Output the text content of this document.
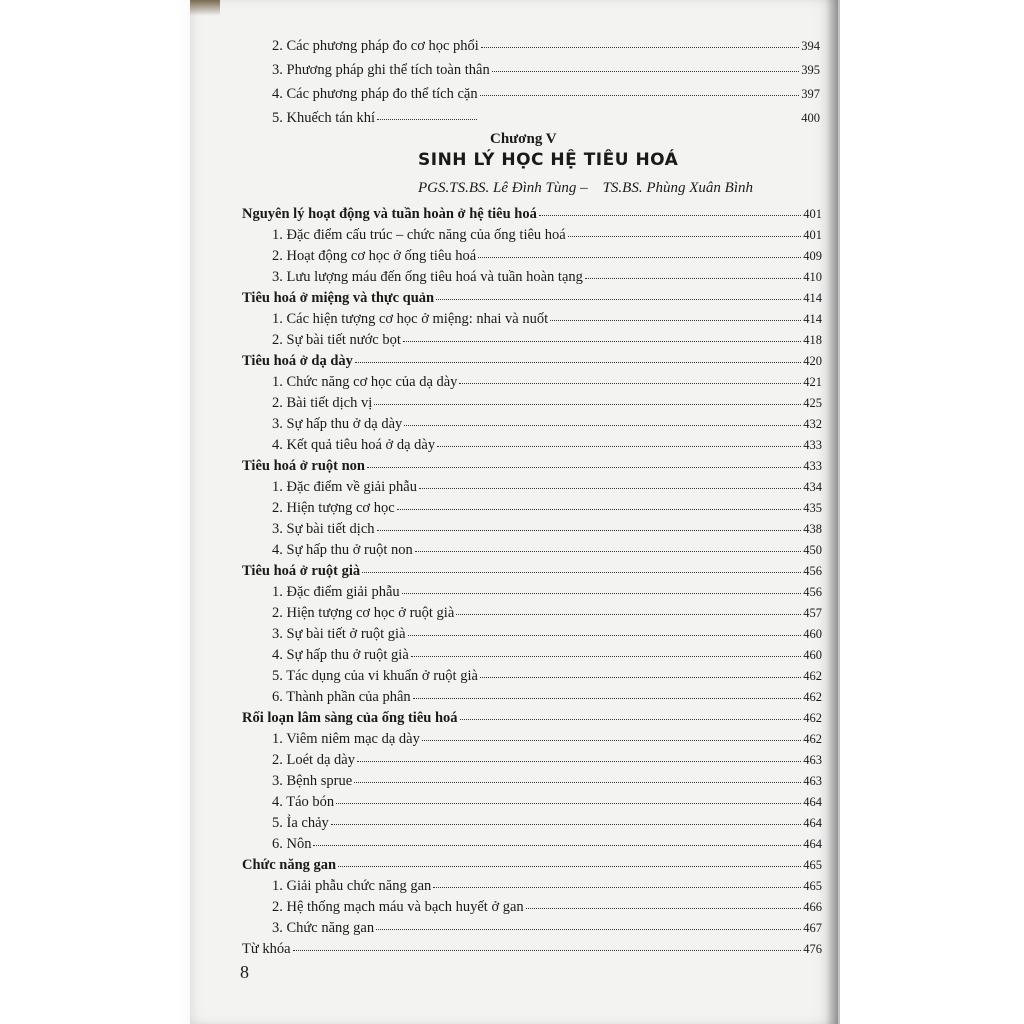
2. Các phương pháp đo cơ học phổi	394
3. Phương pháp ghi thể tích toàn thân	395
4. Các phương pháp đo thể tích cặn	397
5. Khuếch tán khí	400
Chương V
SINH LÝ HỌC HỆ TIÊU HOÁ
PGS.TS.BS. Lê Đình Tùng –    TS.BS. Phùng Xuân Bình
Nguyên lý hoạt động và tuần hoàn ở hệ tiêu hoá	401
1. Đặc điểm cấu trúc – chức năng của ống tiêu hoá	401
2. Hoạt động cơ học ở ống tiêu hoá	409
3. Lưu lượng máu đến ống tiêu hoá và tuần hoàn tạng	410
Tiêu hoá ở miệng và thực quản	414
1. Các hiện tượng cơ học ở miệng: nhai và nuốt	414
2. Sự bài tiết nước bọt	418
Tiêu hoá ở dạ dày	420
1. Chức năng cơ học của dạ dày	421
2. Bài tiết dịch vị	425
3. Sự hấp thu ở dạ dày	432
4. Kết quả tiêu hoá ở dạ dày	433
Tiêu hoá ở ruột non	433
1. Đặc điểm về giải phẫu	434
2. Hiện tượng cơ học	435
3. Sự bài tiết dịch	438
4. Sự hấp thu ở ruột non	450
Tiêu hoá ở ruột già	456
1. Đặc điểm giải phẫu	456
2. Hiện tượng cơ học ở ruột già	457
3. Sự bài tiết ở ruột già	460
4. Sự hấp thu ở ruột già	460
5. Tác dụng của vi khuẩn ở ruột già	462
6. Thành phần của phân	462
Rối loạn lâm sàng của ống tiêu hoá	462
1. Viêm niêm mạc dạ dày	462
2. Loét dạ dày	463
3. Bệnh sprue	463
4. Táo bón	464
5. Ỉa chảy	464
6. Nôn	464
Chức năng gan	465
1. Giải phẫu chức năng gan	465
2. Hệ thống mạch máu và bạch huyết ở gan	466
3. Chức năng gan	467
Từ khóa	476
8
